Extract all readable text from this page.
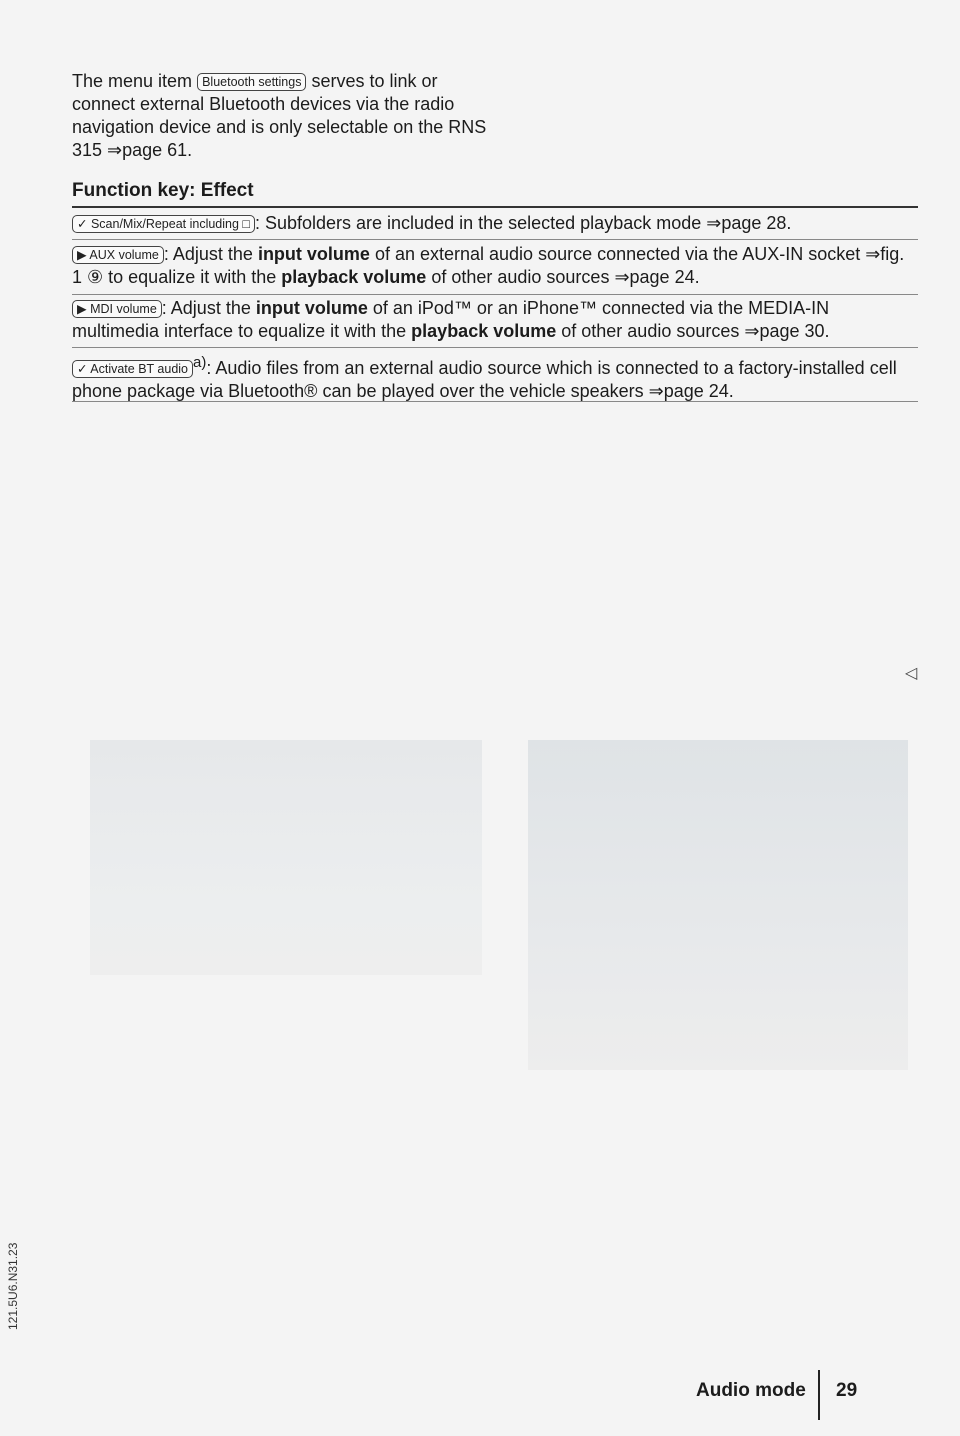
The menu item Bluetooth settings serves to link or connect external Bluetooth devices via the radio navigation device and is only selectable on the RNS 315 ⇒page 61.

Function key: Effect
✓ Scan/Mix/Repeat including □ : Subfolders are included in the selected playback mode ⇒page 28.
▶ AUX volume : Adjust the input volume of an external audio source connected via the AUX-IN socket ⇒fig. 1 ⑨ to equalize it with the playback volume of other audio sources ⇒page 24.
▶ MDI volume : Adjust the input volume of an iPod™ or an iPhone™ connected via the MEDIA-IN multimedia interface to equalize it with the playback volume of other audio sources ⇒page 30.
✓ Activate BT audio $^{a)}$: Audio files from an external audio source which is connected to a factory-installed cell phone package via Bluetooth® can be played over the vehicle speakers ⇒page 24.
◁
121.5U6.N31.23
Audio mode 29
